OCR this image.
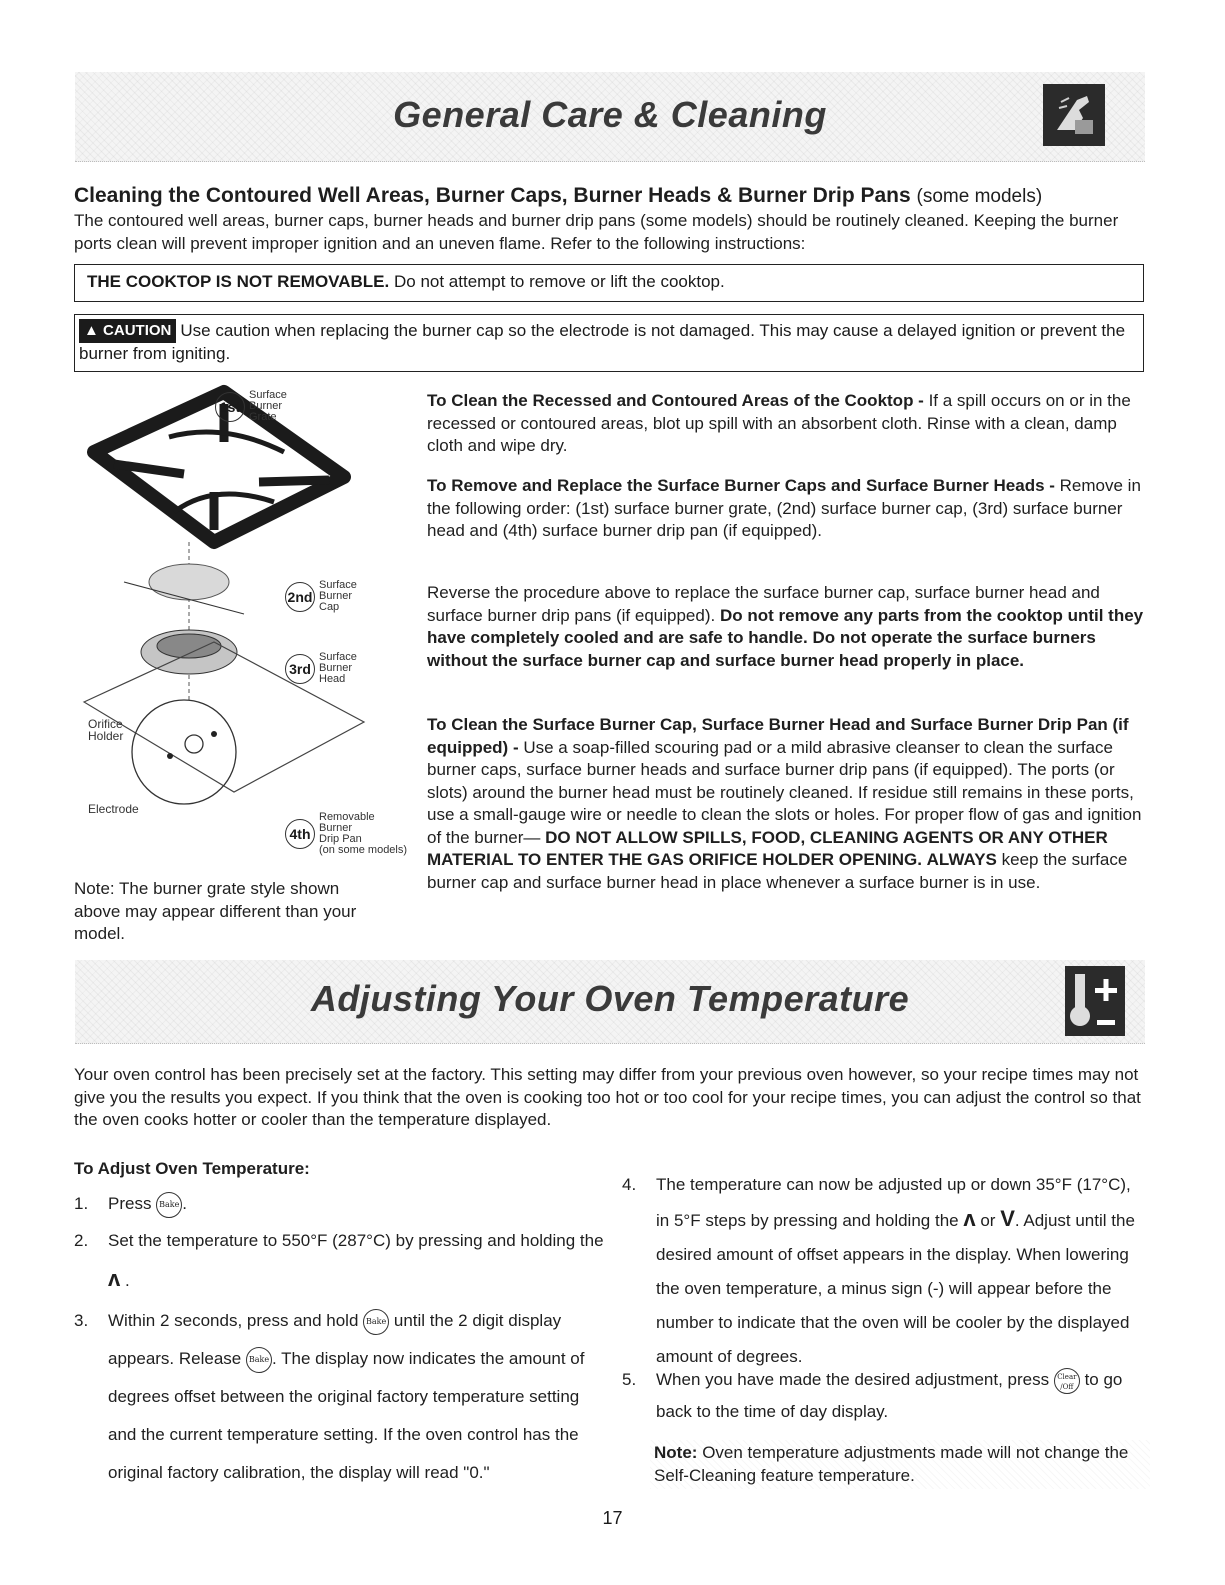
General Care & Cleaning
Cleaning the Contoured Well Areas, Burner Caps, Burner Heads & Burner Drip Pans (some models)
The contoured well areas, burner caps, burner heads and burner drip pans (some models) should be routinely cleaned. Keeping the burner ports clean will prevent improper ignition and an uneven flame. Refer to the following instructions:
THE COOKTOP IS NOT REMOVABLE. Do not attempt to remove or lift the cooktop.
▲ CAUTION Use caution when replacing the burner cap so the electrode is not damaged. This may cause a delayed ignition or prevent the burner from igniting.
1st
Surface
Burner
Grate
2nd
Surface
Burner
Cap
3rd
Surface
Burner
Head
4th
Removable
Burner
Drip Pan
(on some models)
Orifice
Holder
Electrode
Note: The burner grate style shown above may appear different than your model.
To Clean the Recessed and Contoured Areas of the Cooktop - If a spill occurs on or in the recessed or contoured areas, blot up spill with an absorbent cloth. Rinse with a clean, damp cloth and wipe dry.
To Remove and Replace the Surface Burner Caps and Surface Burner Heads - Remove in the following order: (1st) surface burner grate, (2nd) surface burner cap, (3rd) surface burner head and (4th) surface burner drip pan (if equipped).
Reverse the procedure above to replace the surface burner cap, surface burner head and surface burner drip pans (if equipped). Do not remove any parts from the cooktop until they have completely cooled and are safe to handle. Do not operate the surface burners without the surface burner cap and surface burner head properly in place.
To Clean the Surface Burner Cap, Surface Burner Head and Surface Burner Drip Pan (if equipped) - Use a soap-filled scouring pad or a mild abrasive cleanser to clean the surface burner caps, surface burner heads and surface burner drip pans (if equipped). The ports (or slots) around the burner head must be routinely cleaned. If residue still remains in these ports, use a small-gauge wire or needle to clean the slots or holes. For proper flow of gas and ignition of the burner— DO NOT ALLOW SPILLS, FOOD, CLEANING AGENTS OR ANY OTHER MATERIAL TO ENTER THE GAS ORIFICE HOLDER OPENING. ALWAYS keep the surface burner cap and surface burner head in place whenever a surface burner is in use.
Adjusting Your Oven Temperature
Your oven control has been precisely set at the factory. This setting may differ from your previous oven however, so your recipe times may not give you the results you expect. If you think that the oven is cooking too hot or too cool for your recipe times, you can adjust the control so that the oven cooks hotter or cooler than the temperature displayed.
To Adjust Oven Temperature:
1. Press Bake .
2. Set the temperature to 550°F (287°C) by pressing and holding the ʌ .
3. Within 2 seconds, press and hold Bake until the 2 digit display appears. Release Bake . The display now indicates the amount of degrees offset between the original factory temperature setting and the current temperature setting. If the oven control has the original factory calibration, the display will read "0."
4. The temperature can now be adjusted up or down 35°F (17°C), in 5°F steps by pressing and holding the ʌ or V. Adjust until the desired amount of offset appears in the display. When lowering the oven temperature, a minus sign (-) will appear before the number to indicate that the oven will be cooler by the displayed amount of degrees.
5. When you have made the desired adjustment, press Clear /Off to go back to the time of day display.
Note: Oven temperature adjustments made will not change the Self-Cleaning feature temperature.
17
